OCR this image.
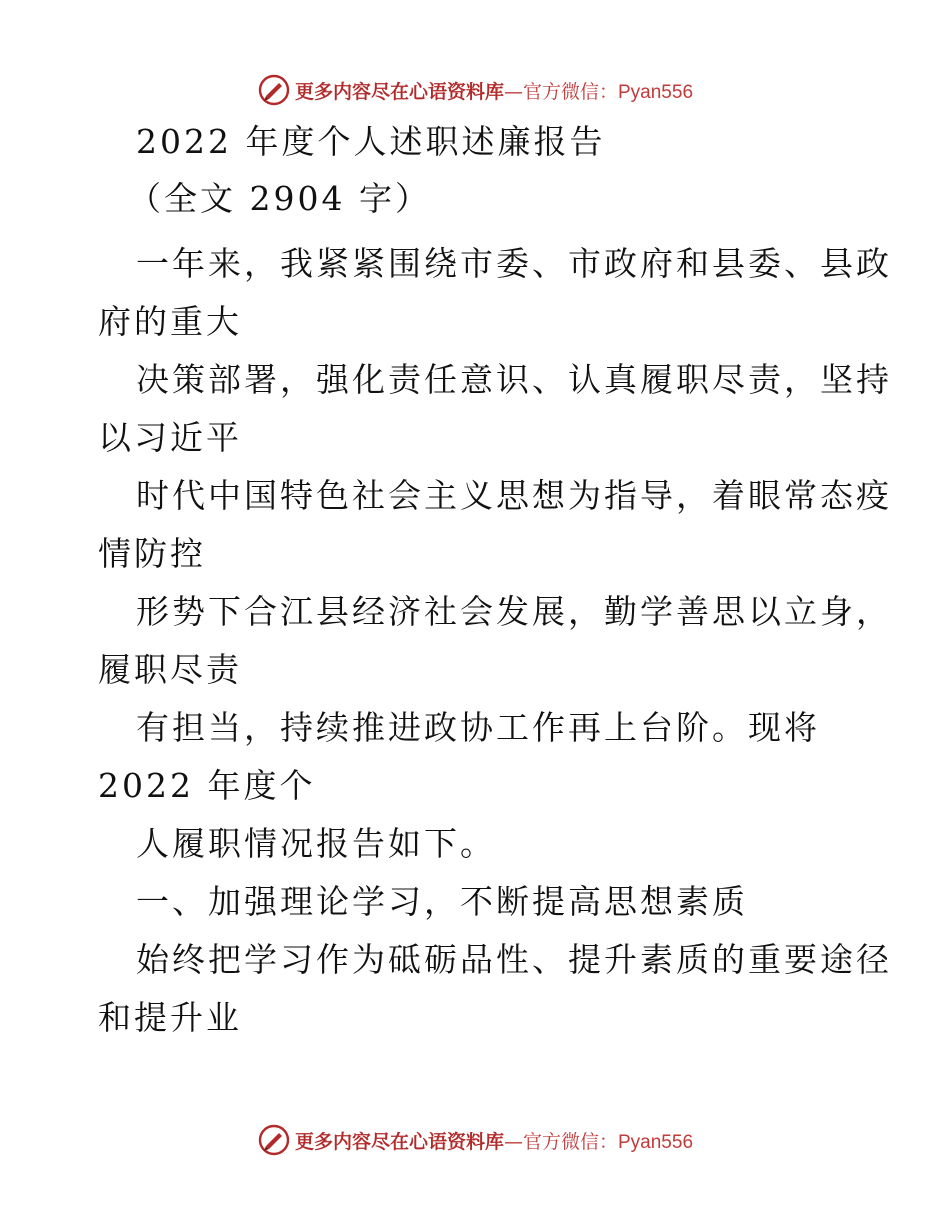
更多内容尽在心语资料库—官方微信：Pyan556
2022 年度个人述职述廉报告
（全文 2904 字）
一年来，我紧紧围绕市委、市政府和县委、县政
府的重大
决策部署，强化责任意识、认真履职尽责，坚持
以习近平
时代中国特色社会主义思想为指导，着眼常态疫
情防控
形势下合江县经济社会发展，勤学善思以立身，
履职尽责
有担当，持续推进政协工作再上台阶。现将
2022 年度个
人履职情况报告如下。
一、加强理论学习，不断提高思想素质
始终把学习作为砥砺品性、提升素质的重要途径
和提升业
更多内容尽在心语资料库—官方微信：Pyan556
